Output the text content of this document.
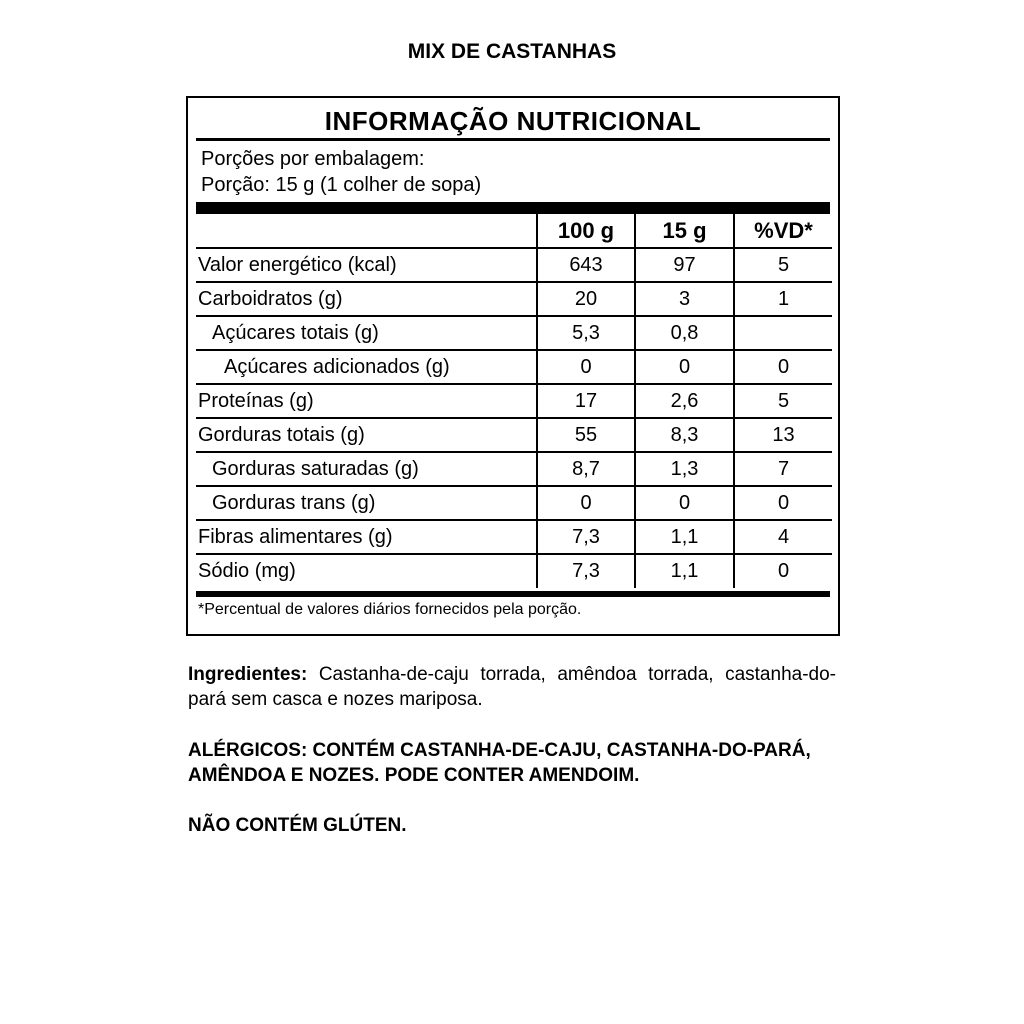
MIX DE CASTANHAS
INFORMAÇÃO NUTRICIONAL
Porções por embalagem:
Porção: 15 g (1 colher de sopa)
	100 g	15 g	%VD*
Valor energético (kcal)	643	97	5
Carboidratos (g)	20	3	1
Açúcares totais (g)	5,3	0,8	
Açúcares adicionados (g)	0	0	0
Proteínas (g)	17	2,6	5
Gorduras totais (g)	55	8,3	13
Gorduras saturadas (g)	8,7	1,3	7
Gorduras trans (g)	0	0	0
Fibras alimentares (g)	7,3	1,1	4
Sódio (mg)	7,3	1,1	0
*Percentual de valores diários fornecidos pela porção.
Ingredientes: Castanha-de-caju torrada, amêndoa torrada, castanha-do-pará sem casca e nozes mariposa.
ALÉRGICOS: CONTÉM CASTANHA-DE-CAJU, CASTANHA-DO-PARÁ, AMÊNDOA E NOZES. PODE CONTER AMENDOIM.
NÃO CONTÉM GLÚTEN.
